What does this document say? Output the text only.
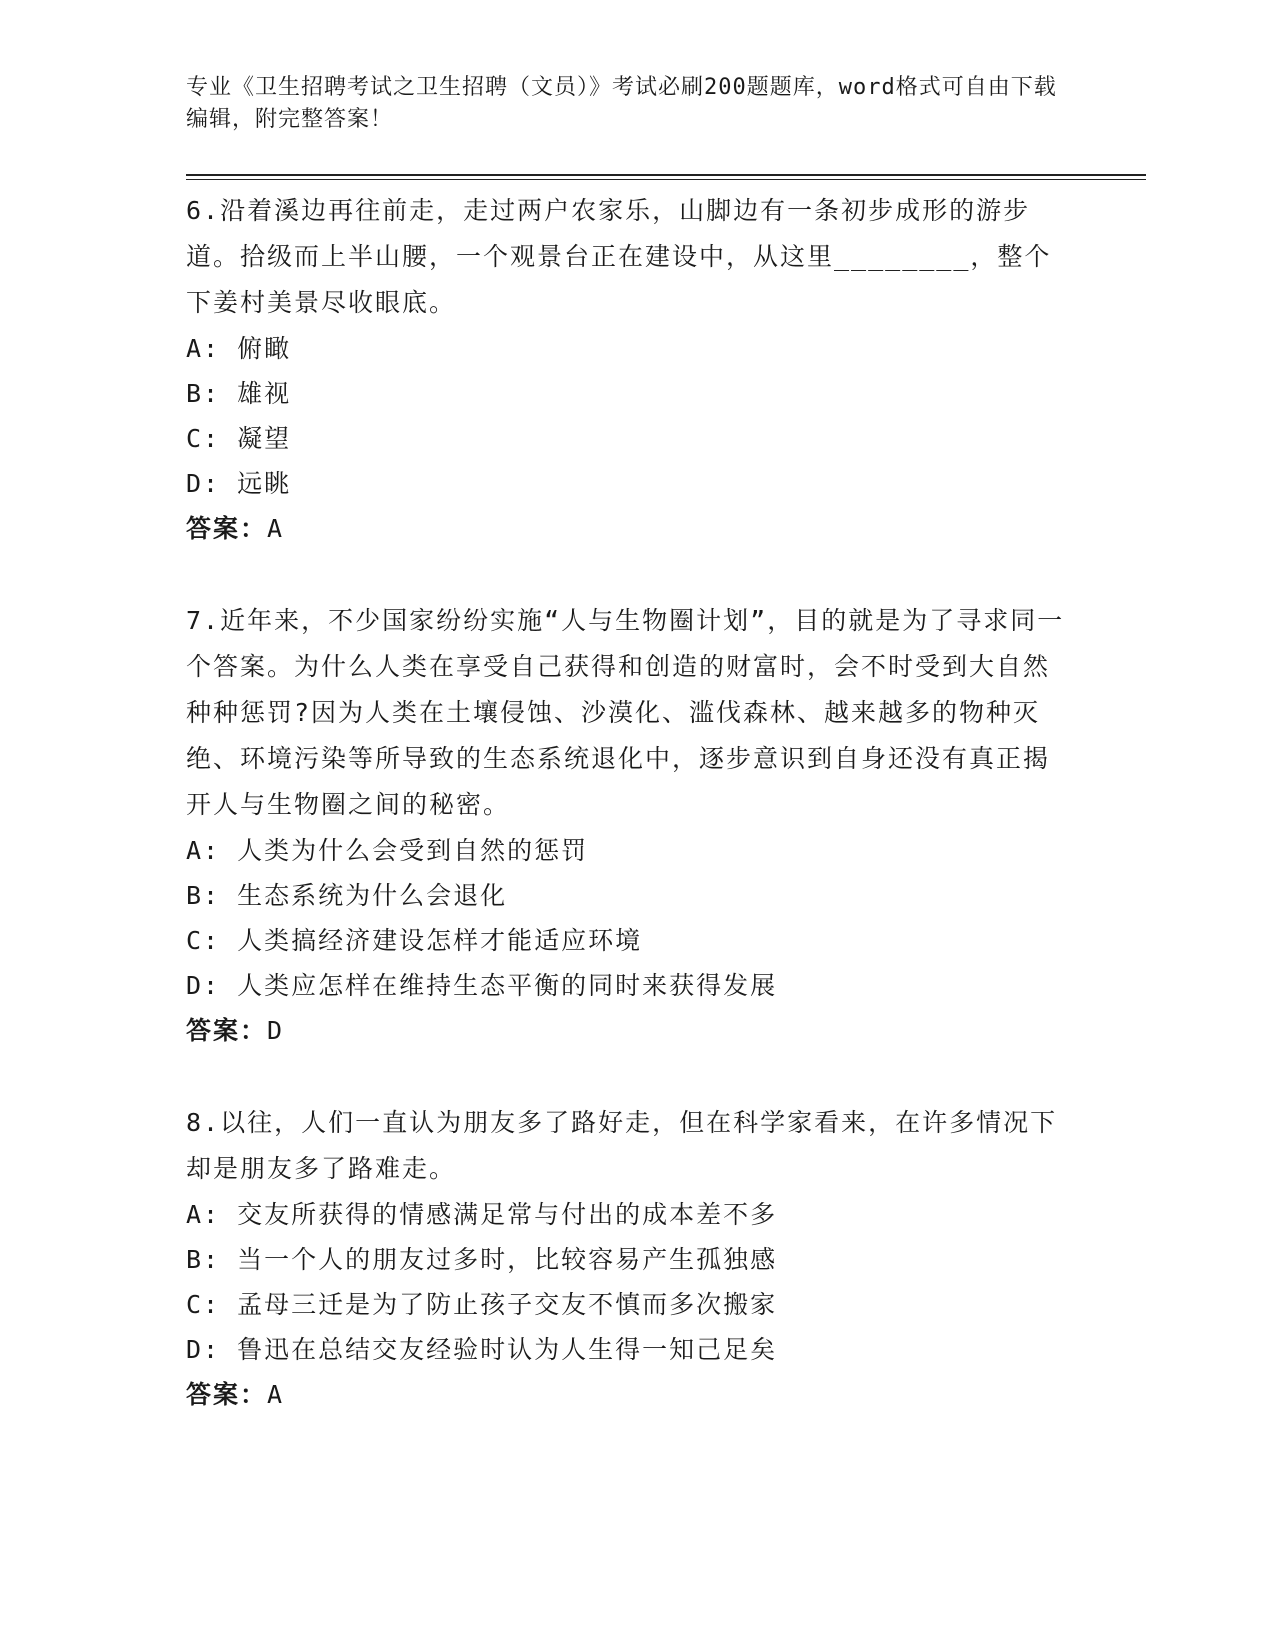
专业《卫生招聘考试之卫生招聘（文员）》考试必刷200题题库，word格式可自由下载编辑，附完整答案！
6.沿着溪边再往前走，走过两户农家乐，山脚边有一条初步成形的游步道。拾级而上半山腰，一个观景台正在建设中，从这里________，整个下姜村美景尽收眼底。
A: 俯瞰
B: 雄视
C: 凝望
D: 远眺
答案：A
7.近年来，不少国家纷纷实施“人与生物圈计划”，目的就是为了寻求同一个答案。为什么人类在享受自己获得和创造的财富时，会不时受到大自然种种惩罚?因为人类在土壤侵蚀、沙漠化、滥伐森林、越来越多的物种灭绝、环境污染等所导致的生态系统退化中，逐步意识到自身还没有真正揭开人与生物圈之间的秘密。
A: 人类为什么会受到自然的惩罚
B: 生态系统为什么会退化
C: 人类搞经济建设怎样才能适应环境
D: 人类应怎样在维持生态平衡的同时来获得发展
答案：D
8.以往，人们一直认为朋友多了路好走，但在科学家看来，在许多情况下却是朋友多了路难走。
A: 交友所获得的情感满足常与付出的成本差不多
B: 当一个人的朋友过多时，比较容易产生孤独感
C: 孟母三迁是为了防止孩子交友不慎而多次搬家
D: 鲁迅在总结交友经验时认为人生得一知己足矣
答案：A
